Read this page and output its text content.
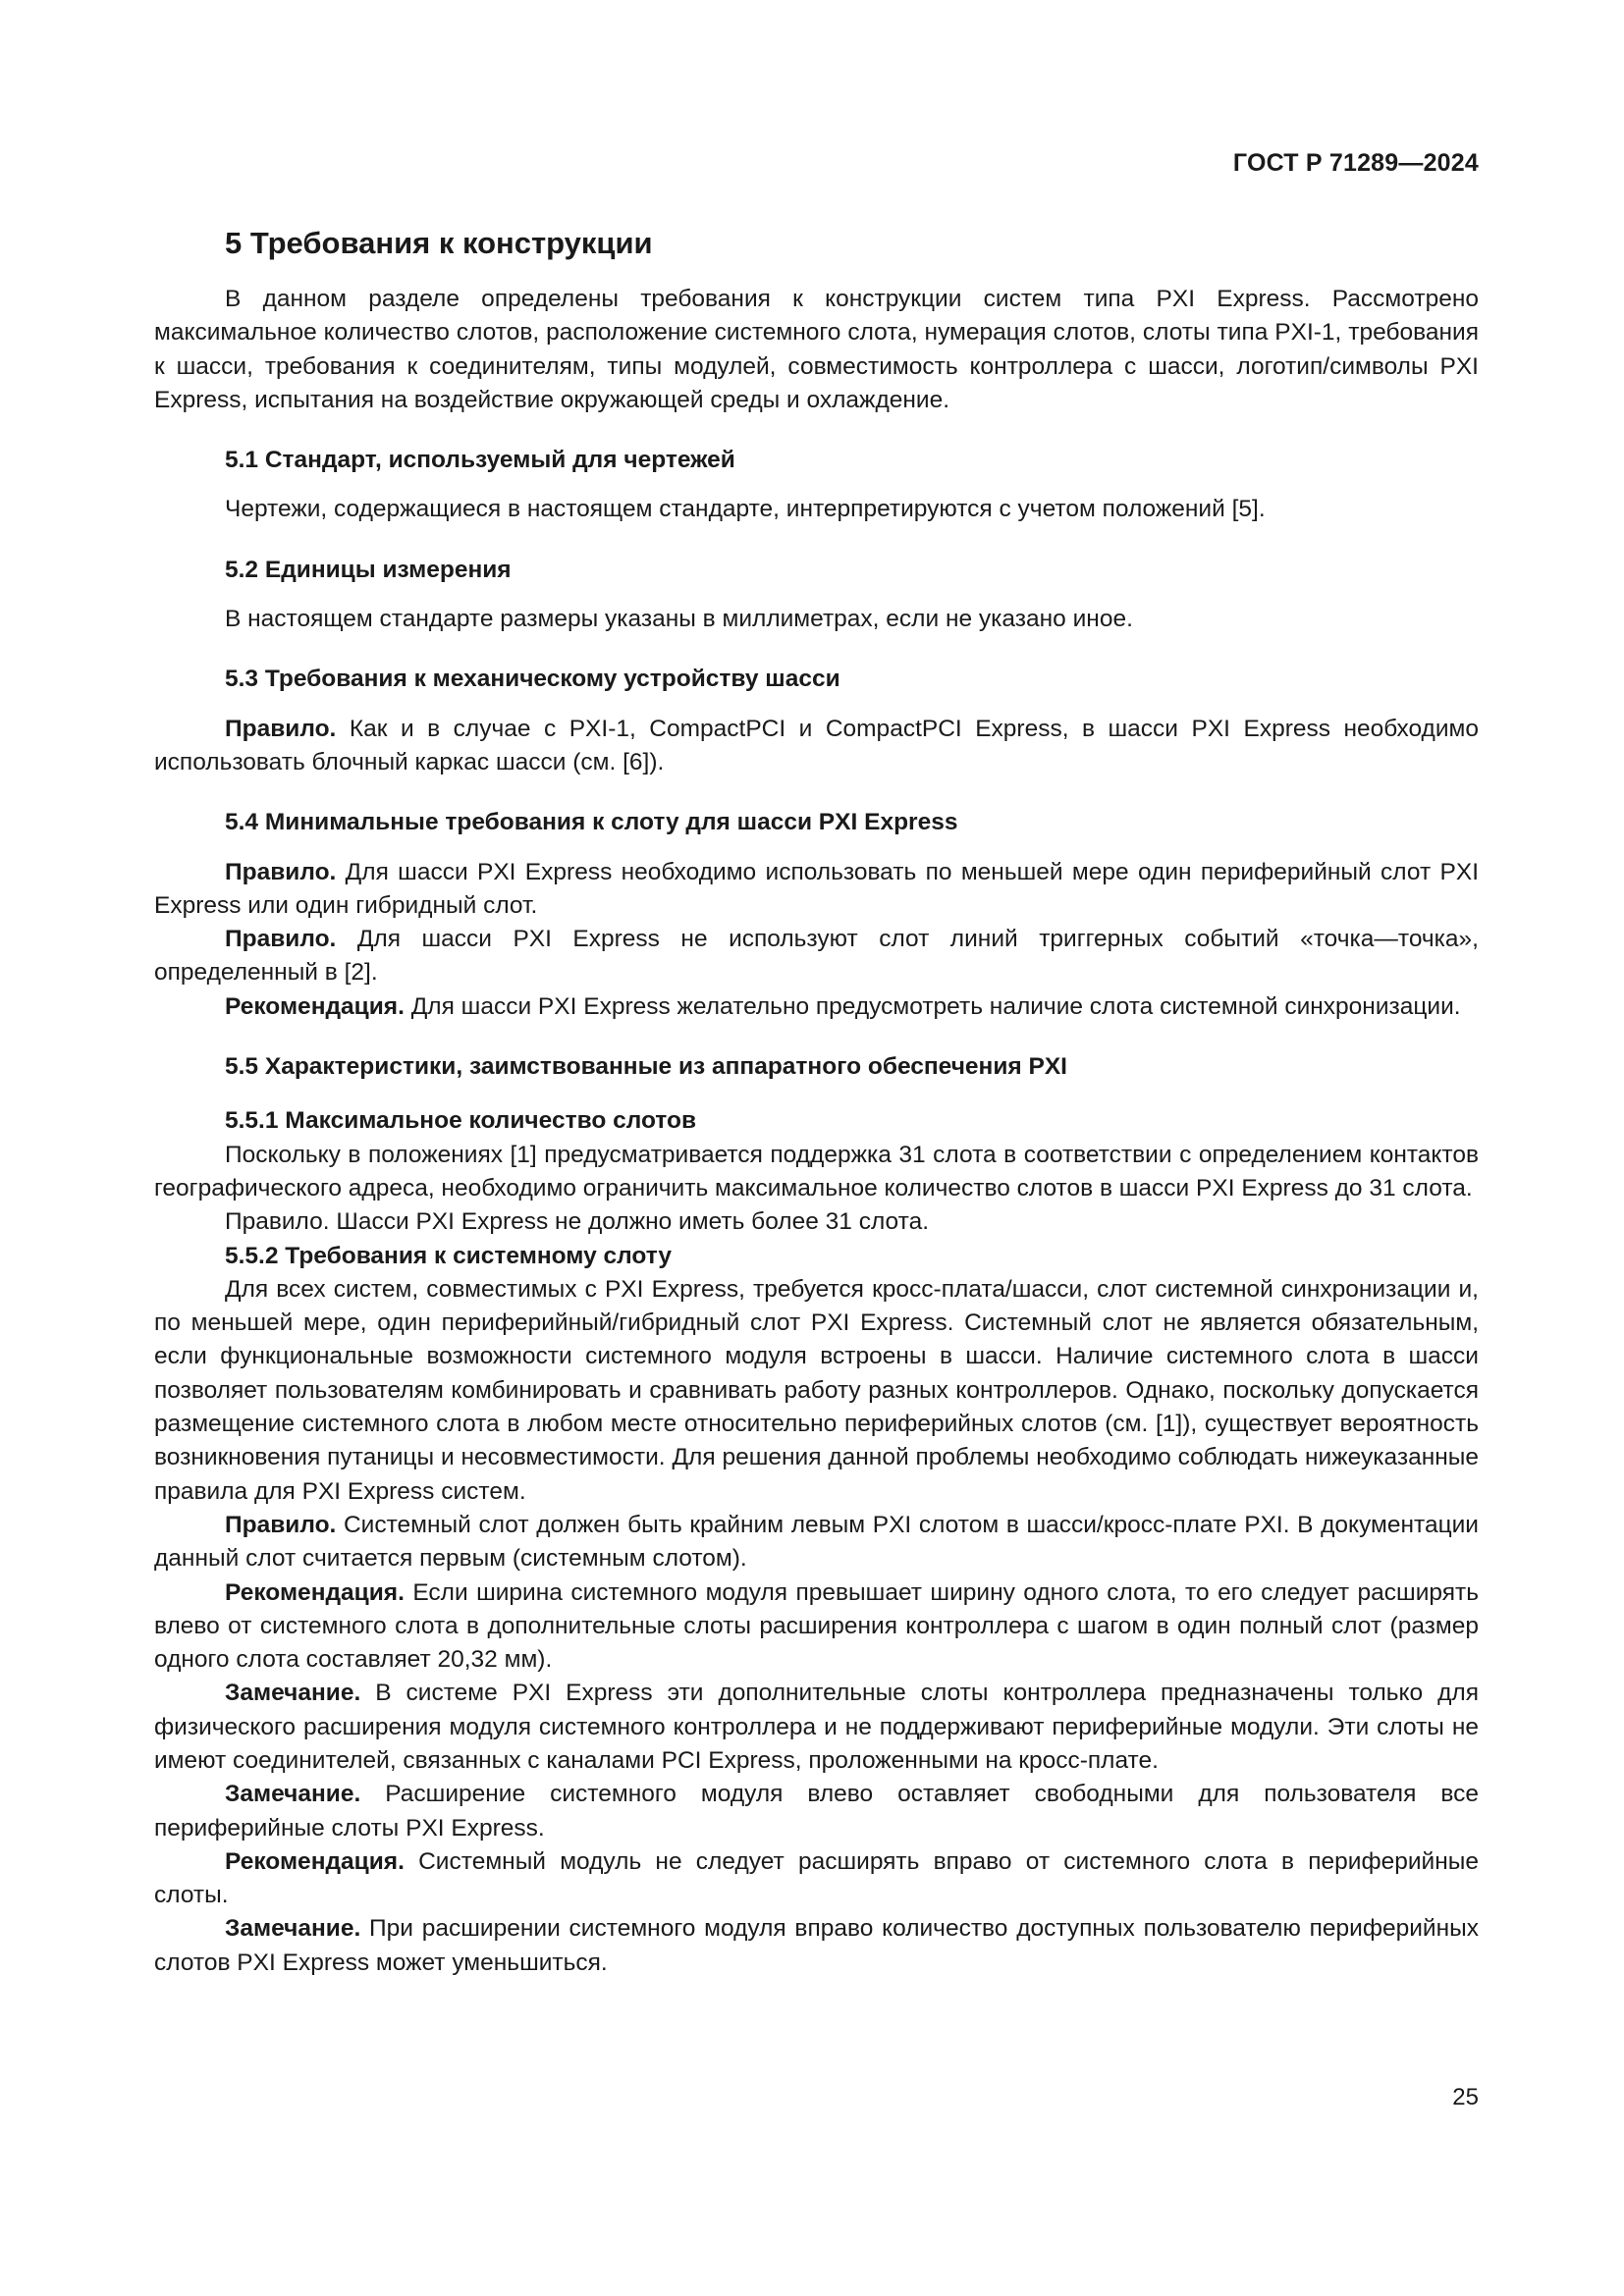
ГОСТ Р 71289—2024
5 Требования к конструкции

В данном разделе определены требования к конструкции систем типа PXI Express. Рассмотрено максимальное количество слотов, расположение системного слота, нумерация слотов, слоты типа PXI-1, требования к шасси, требования к соединителям, типы модулей, совместимость контроллера с шасси, логотип/символы PXI Express, испытания на воздействие окружающей среды и охлаждение.

5.1 Стандарт, используемый для чертежей

Чертежи, содержащиеся в настоящем стандарте, интерпретируются с учетом положений [5].

5.2 Единицы измерения

В настоящем стандарте размеры указаны в миллиметрах, если не указано иное.

5.3 Требования к механическому устройству шасси

Правило. Как и в случае с PXI-1, CompactPCI и CompactPCI Express, в шасси PXI Express необходимо использовать блочный каркас шасси (см. [6]).

5.4 Минимальные требования к слоту для шасси PXI Express

Правило. Для шасси PXI Express необходимо использовать по меньшей мере один периферийный слот PXI Express или один гибридный слот.

Правило. Для шасси PXI Express не используют слот линий триггерных событий «точка—точка», определенный в [2].

Рекомендация. Для шасси PXI Express желательно предусмотреть наличие слота системной синхронизации.

5.5 Характеристики, заимствованные из аппаратного обеспечения PXI
5.5.1 Максимальное количество слотов

Поскольку в положениях [1] предусматривается поддержка 31 слота в соответствии с определением контактов географического адреса, необходимо ограничить максимальное количество слотов в шасси PXI Express до 31 слота.

Правило. Шасси PXI Express не должно иметь более 31 слота.

5.5.2 Требования к системному слоту

Для всех систем, совместимых с PXI Express, требуется кросс-плата/шасси, слот системной синхронизации и, по меньшей мере, один периферийный/гибридный слот PXI Express. Системный слот не является обязательным, если функциональные возможности системного модуля встроены в шасси. Наличие системного слота в шасси позволяет пользователям комбинировать и сравнивать работу разных контроллеров. Однако, поскольку допускается размещение системного слота в любом месте относительно периферийных слотов (см. [1]), существует вероятность возникновения путаницы и несовместимости. Для решения данной проблемы необходимо соблюдать нижеуказанные правила для PXI Express систем.

Правило. Системный слот должен быть крайним левым PXI слотом в шасси/кросс-плате PXI. В документации данный слот считается первым (системным слотом).

Рекомендация. Если ширина системного модуля превышает ширину одного слота, то его следует расширять влево от системного слота в дополнительные слоты расширения контроллера с шагом в один полный слот (размер одного слота составляет 20,32 мм).

Замечание. В системе PXI Express эти дополнительные слоты контроллера предназначены только для физического расширения модуля системного контроллера и не поддерживают периферийные модули. Эти слоты не имеют соединителей, связанных с каналами PCI Express, проложенными на кросс-плате.

Замечание. Расширение системного модуля влево оставляет свободными для пользователя все периферийные слоты PXI Express.

Рекомендация. Системный модуль не следует расширять вправо от системного слота в периферийные слоты.

Замечание. При расширении системного модуля вправо количество доступных пользователю периферийных слотов PXI Express может уменьшиться.

25
